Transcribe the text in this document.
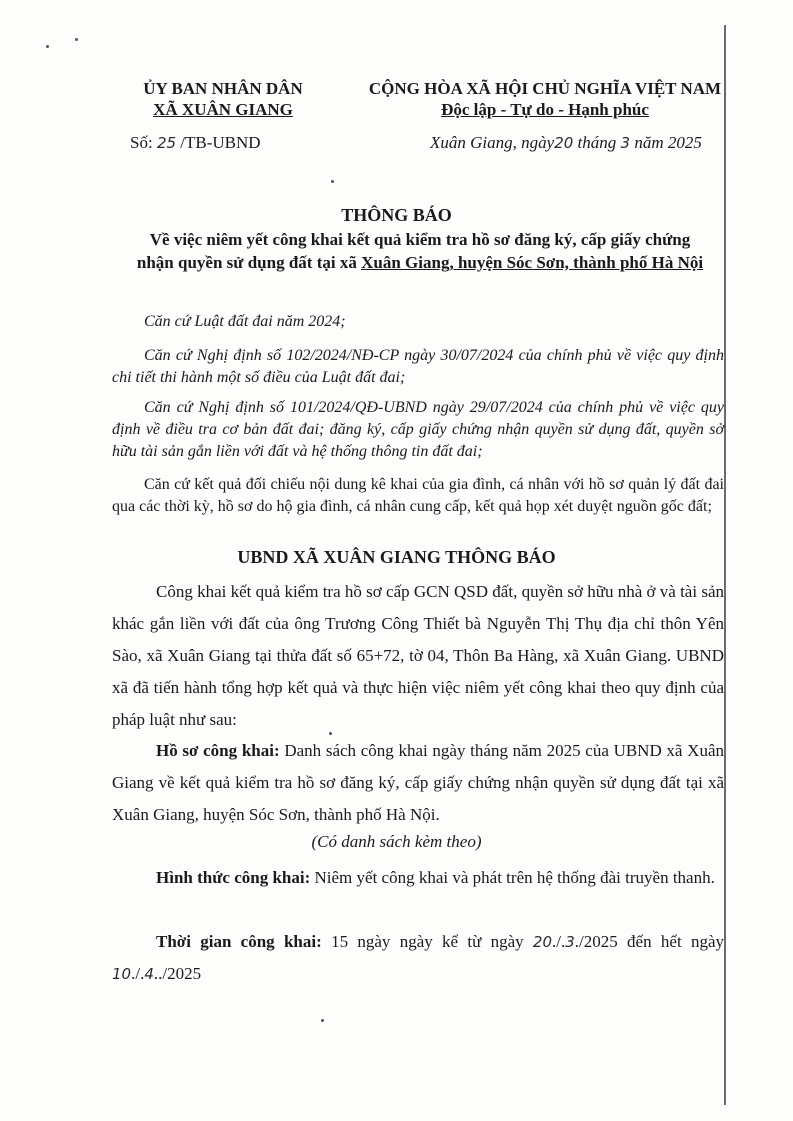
ỦY BAN NHÂN DÂN
XÃ XUÂN GIANG
CỘNG HÒA XÃ HỘI CHỦ NGHĨA VIỆT NAM
Độc lập - Tự do - Hạnh phúc
Số: 25 /TB-UBND	Xuân Giang, ngày20 tháng 3 năm 2025
THÔNG BÁO
Về việc niêm yết công khai kết quả kiểm tra hồ sơ đăng ký, cấp giấy chứng
nhận quyền sử dụng đất tại xã Xuân Giang, huyện Sóc Sơn, thành phố Hà Nội
Căn cứ Luật đất đai năm 2024;
Căn cứ Nghị định số 102/2024/NĐ-CP ngày 30/07/2024 của chính phủ về việc quy định chi tiết thi hành một số điều của Luật đất đai;
Căn cứ Nghị định số 101/2024/QĐ-UBND ngày 29/07/2024 của chính phủ về việc quy định về điều tra cơ bản đất đai; đăng ký, cấp giấy chứng nhận quyền sử dụng đất, quyền sở hữu tài sản gắn liền với đất và hệ thống thông tin đất đai;
Căn cứ kết quả đối chiếu nội dung kê khai của gia đình, cá nhân với hồ sơ quản lý đất đai qua các thời kỳ, hồ sơ do hộ gia đình, cá nhân cung cấp, kết quả họp xét duyệt nguồn gốc đất;
UBND XÃ XUÂN GIANG THÔNG BÁO
Công khai kết quả kiểm tra hồ sơ cấp GCN QSD đất, quyền sở hữu nhà ở và tài sản khác gắn liền với đất của ông Trương Công Thiết bà Nguyễn Thị Thụ địa chỉ thôn Yên Sào, xã Xuân Giang tại thửa đất số 65+72, tờ 04, Thôn Ba Hàng, xã Xuân Giang. UBND xã đã tiến hành tổng hợp kết quả và thực hiện việc niêm yết công khai theo quy định của pháp luật như sau:
Hồ sơ công khai: Danh sách công khai ngày tháng năm 2025 của UBND xã Xuân Giang về kết quả kiểm tra hồ sơ đăng ký, cấp giấy chứng nhận quyền sử dụng đất tại xã Xuân Giang, huyện Sóc Sơn, thành phố Hà Nội.
(Có danh sách kèm theo)
Hình thức công khai: Niêm yết công khai và phát trên hệ thống đài truyền thanh.
Thời gian công khai: 15 ngày ngày kể từ ngày 20./.3./2025 đến hết ngày 10./.4../2025
